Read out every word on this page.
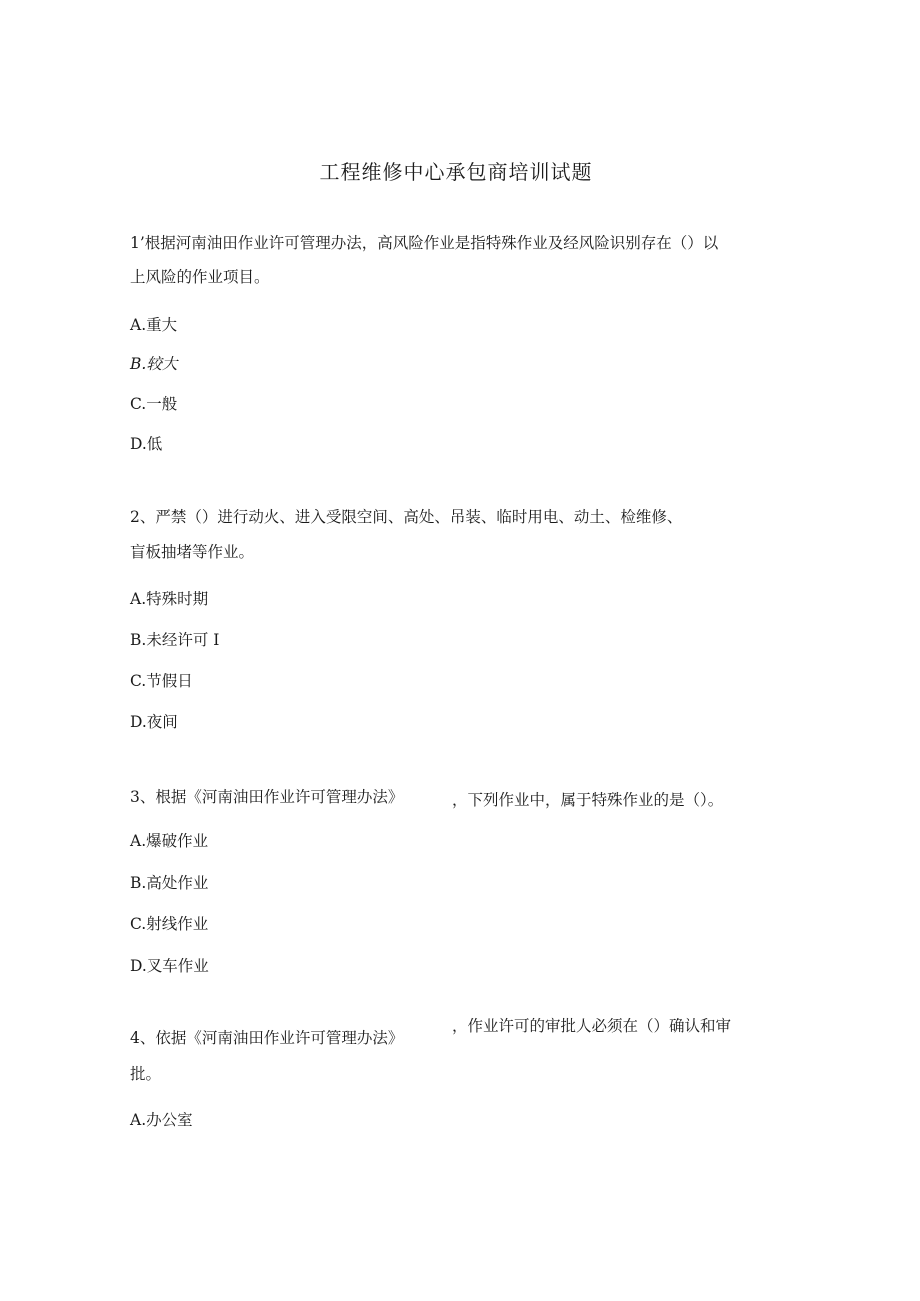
工程维修中心承包商培训试题
1’根据河南油田作业许可管理办法，高风险作业是指特殊作业及经风险识别存在（）以
上风险的作业项目。
A.重大
B.较大
C.一般
D.低
2、严禁（）进行动火、进入受限空间、高处、吊装、临时用电、动土、检维修、
盲板抽堵等作业。
A.特殊时期
B.未经许可 I
C.节假日
D.夜间
3、根据《河南油田作业许可管理办法》	，下列作业中，属于特殊作业的是（）。
A.爆破作业
B.高处作业
C.射线作业
D.叉车作业
，作业许可的审批人必须在（）确认和审
4、依据《河南油田作业许可管理办法》
批。
A.办公室
